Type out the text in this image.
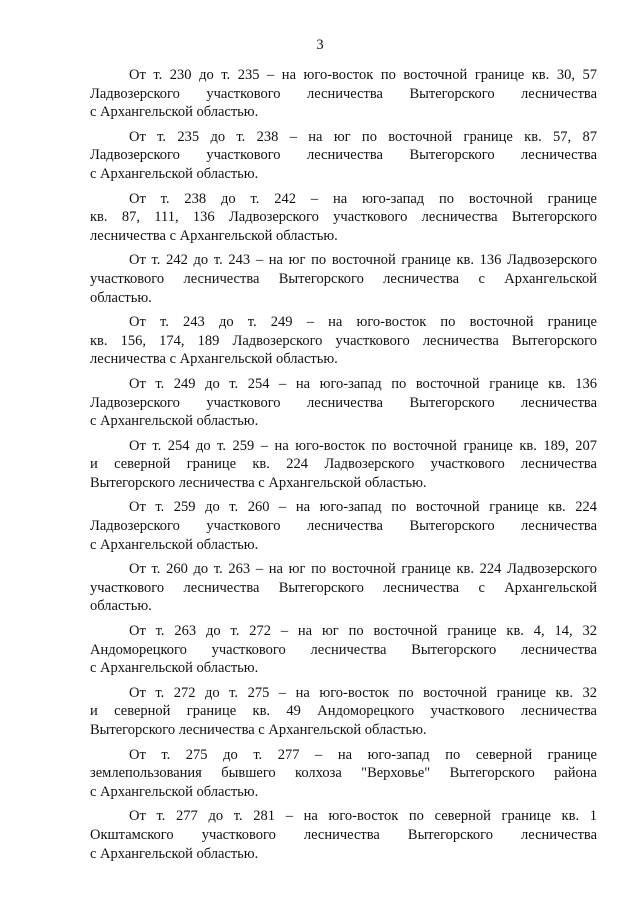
3

От т. 230 до т. 235 – на юго-восток по восточной границе кв. 30, 57
Ладвозерского участкового лесничества Вытегорского лесничества
с Архангельской областью.

От т. 235 до т. 238 – на юг по восточной границе кв. 57, 87
Ладвозерского участкового лесничества Вытегорского лесничества
с Архангельской областью.

От т. 238 до т. 242 – на юго-запад по восточной границе
кв. 87, 111, 136 Ладвозерского участкового лесничества Вытегорского
лесничества с Архангельской областью.

От т. 242 до т. 243 – на юг по восточной границе кв. 136 Ладвозерского
участкового лесничества Вытегорского лесничества с Архангельской
областью.

От т. 243 до т. 249 – на юго-восток по восточной границе
кв. 156, 174, 189 Ладвозерского участкового лесничества Вытегорского
лесничества с Архангельской областью.

От т. 249 до т. 254 – на юго-запад по восточной границе кв. 136
Ладвозерского участкового лесничества Вытегорского лесничества
с Архангельской областью.

От т. 254 до т. 259 – на юго-восток по восточной границе кв. 189, 207
и северной границе кв. 224 Ладвозерского участкового лесничества
Вытегорского лесничества с Архангельской областью.

От т. 259 до т. 260 – на юго-запад по восточной границе кв. 224
Ладвозерского участкового лесничества Вытегорского лесничества
с Архангельской областью.

От т. 260 до т. 263 – на юг по восточной границе кв. 224 Ладвозерского
участкового лесничества Вытегорского лесничества с Архангельской
областью.

От т. 263 до т. 272 – на юг по восточной границе кв. 4, 14, 32
Андоморецкого участкового лесничества Вытегорского лесничества
с Архангельской областью.

От т. 272 до т. 275 – на юго-восток по восточной границе кв. 32
и северной границе кв. 49 Андоморецкого участкового лесничества
Вытегорского лесничества с Архангельской областью.

От т. 275 до т. 277 – на юго-запад по северной границе
землепользования бывшего колхоза "Верховье" Вытегорского района
с Архангельской областью.

От т. 277 до т. 281 – на юго-восток по северной границе кв. 1
Окштамского участкового лесничества Вытегорского лесничества
с Архангельской областью.
